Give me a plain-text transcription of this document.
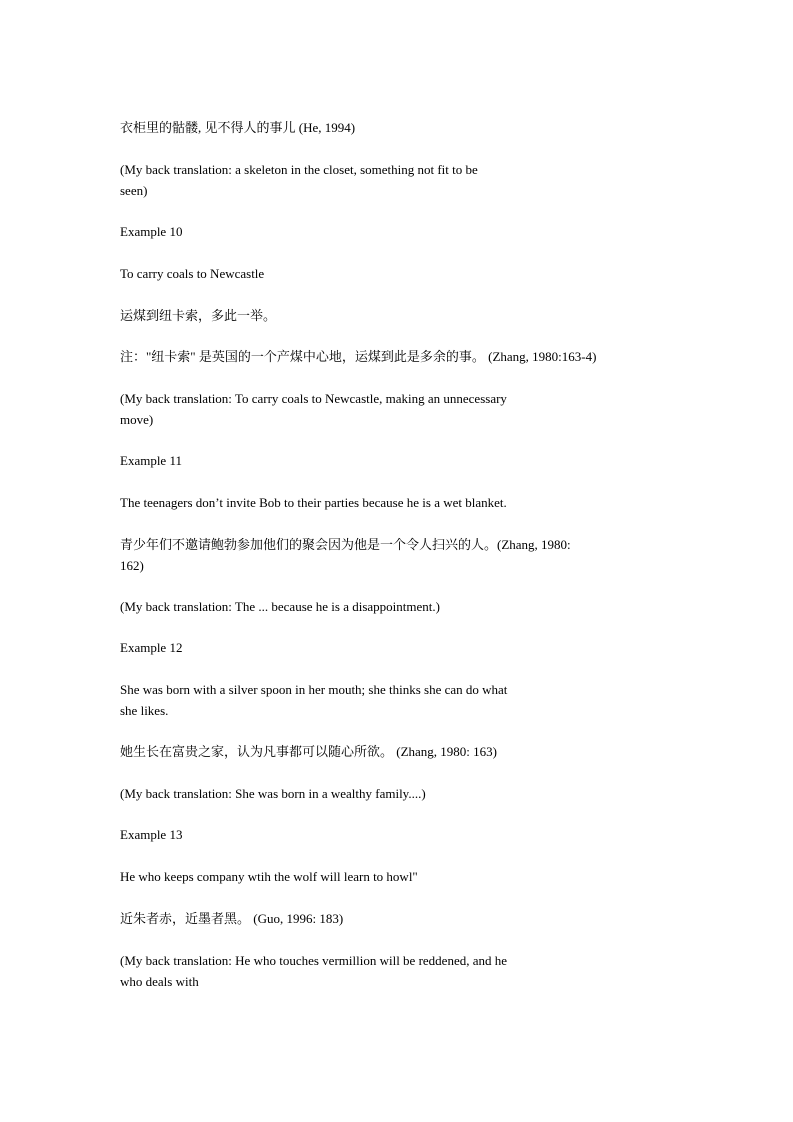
衣柜里的骷髅, 见不得人的事儿 (He, 1994)

(My back translation: a skeleton in the closet, something not fit to be
seen)

Example 10

To carry coals to Newcastle

运煤到纽卡索，多此一举。

注："纽卡索" 是英国的一个产煤中心地，运煤到此是多余的事。 (Zhang, 1980:163-4)

(My back translation: To carry coals to Newcastle, making an unnecessary
move)

Example 11

The teenagers don’t invite Bob to their parties because he is a wet blanket.

青少年们不邀请鲍勃参加他们的聚会因为他是一个令人扫兴的人。(Zhang, 1980:
162)

(My back translation: The ... because he is a disappointment.)

Example 12

She was born with a silver spoon in her mouth; she thinks she can do what
she likes.

她生长在富贵之家，认为凡事都可以随心所欲。 (Zhang, 1980: 163)

(My back translation: She was born in a wealthy family....)

Example 13

He who keeps company wtih the wolf will learn to howl"

近朱者赤，近墨者黑。 (Guo, 1996: 183)

(My back translation: He who touches vermillion will be reddened, and he
who deals with
